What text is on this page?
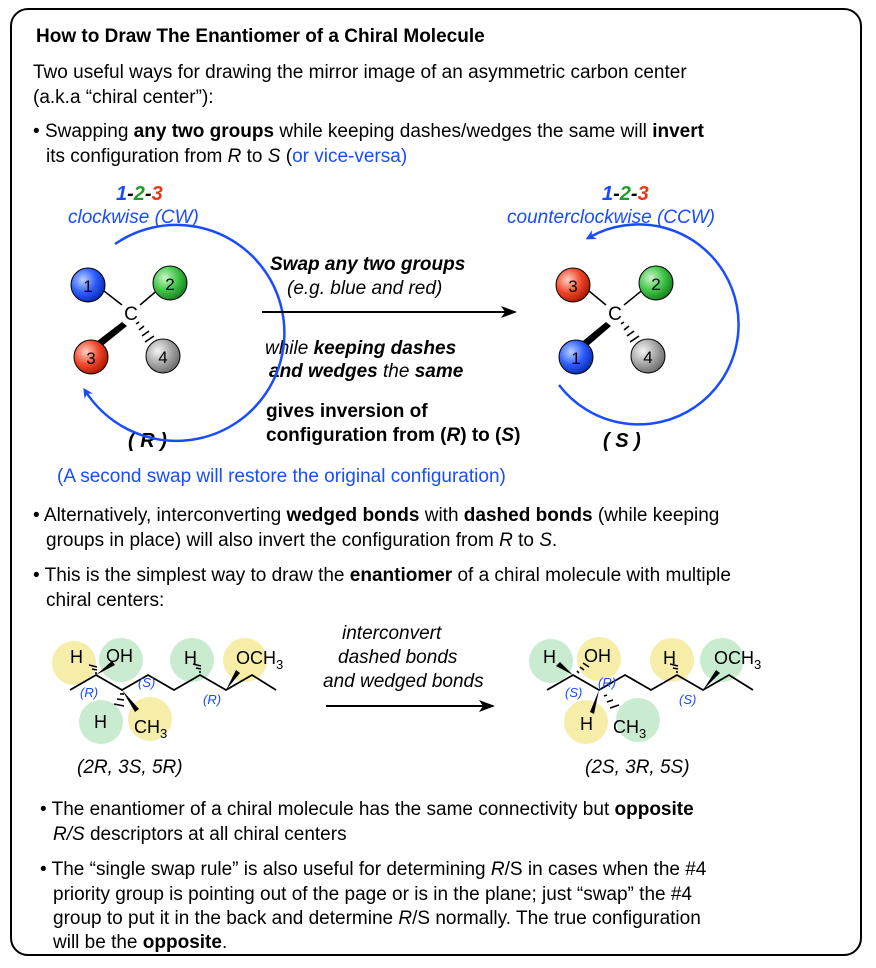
How to Draw The Enantiomer of a Chiral Molecule
Two useful ways for drawing the mirror image of an asymmetric carbon center
(a.k.a “chiral center”):
• Swapping any two groups while keeping dashes/wedges the same will invert
its configuration from R to S (or vice-versa)
1-2-3
clockwise (CW)
1-2-3
counterclockwise (CCW)
Swap any two groups
(e.g. blue and red)
while keeping dashes
and wedges the same
gives inversion of
configuration from (R) to (S)
( R )	( S )
(A second swap will restore the original configuration)
• Alternatively, interconverting wedged bonds with dashed bonds (while keeping
groups in place) will also invert the configuration from R to S.
• This is the simplest way to draw the enantiomer of a chiral molecule with multiple
chiral centers:
interconvert
dashed bonds
and wedged bonds
(2R, 3S, 5R)	(2S, 3R, 5S)
• The enantiomer of a chiral molecule has the same connectivity but opposite
R/S descriptors at all chiral centers
• The “single swap rule” is also useful for determining R/S in cases when the #4
priority group is pointing out of the page or is in the plane; just “swap” the #4
group to put it in the back and determine R/S normally. The true configuration
will be the opposite.
C
1	2
3	4
C
3	2
1	4
H OH
H $CH_3$
H $OCH_3$
(R)
(S)
(R)
H OH
H $CH_3$
H $OCH_3$
(S)
(R)
(S)
